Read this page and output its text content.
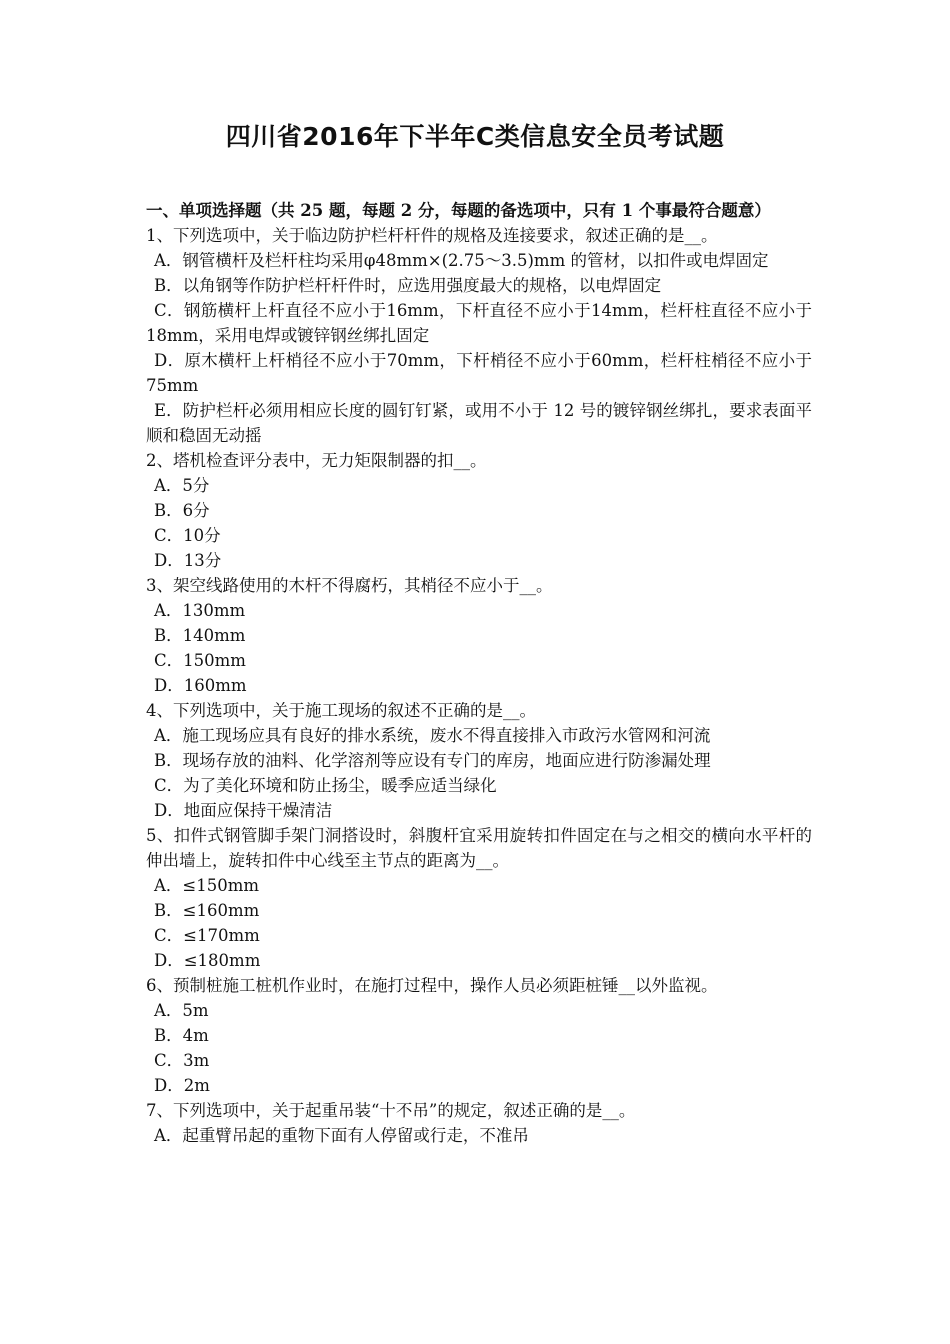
四川省2016年下半年C类信息安全员考试题
一、单项选择题（共 25 题，每题 2 分，每题的备选项中，只有 1 个事最符合题意）
1、下列选项中，关于临边防护栏杆杆件的规格及连接要求，叙述正确的是__。
A．钢管横杆及栏杆柱均采用φ48mm×(2.75～3.5)mm 的管材，以扣件或电焊固定
B．以角钢等作防护栏杆杆件时，应选用强度最大的规格，以电焊固定
C．钢筋横杆上杆直径不应小于16mm，下杆直径不应小于14mm，栏杆柱直径不应小于18mm，采用电焊或镀锌钢丝绑扎固定
D．原木横杆上杆梢径不应小于70mm，下杆梢径不应小于60mm，栏杆柱梢径不应小于75mm
E．防护栏杆必须用相应长度的圆钉钉紧，或用不小于 12 号的镀锌钢丝绑扎，要求表面平顺和稳固无动摇
2、塔机检查评分表中，无力矩限制器的扣__。
A．5分
B．6分
C．10分
D．13分
3、架空线路使用的木杆不得腐朽，其梢径不应小于__。
A．130mm
B．140mm
C．150mm
D．160mm
4、下列选项中，关于施工现场的叙述不正确的是__。
A．施工现场应具有良好的排水系统，废水不得直接排入市政污水管网和河流
B．现场存放的油料、化学溶剂等应设有专门的库房，地面应进行防渗漏处理
C．为了美化环境和防止扬尘，暖季应适当绿化
D．地面应保持干燥清洁
5、扣件式钢管脚手架门洞搭设时，斜腹杆宜采用旋转扣件固定在与之相交的横向水平杆的伸出墙上，旋转扣件中心线至主节点的距离为__。
A．≤150mm
B．≤160mm
C．≤170mm
D．≤180mm
6、预制桩施工桩机作业时，在施打过程中，操作人员必须距桩锤__以外监视。
A．5m
B．4m
C．3m
D．2m
7、下列选项中，关于起重吊装“十不吊”的规定，叙述正确的是__。
A．起重臂吊起的重物下面有人停留或行走，不准吊
